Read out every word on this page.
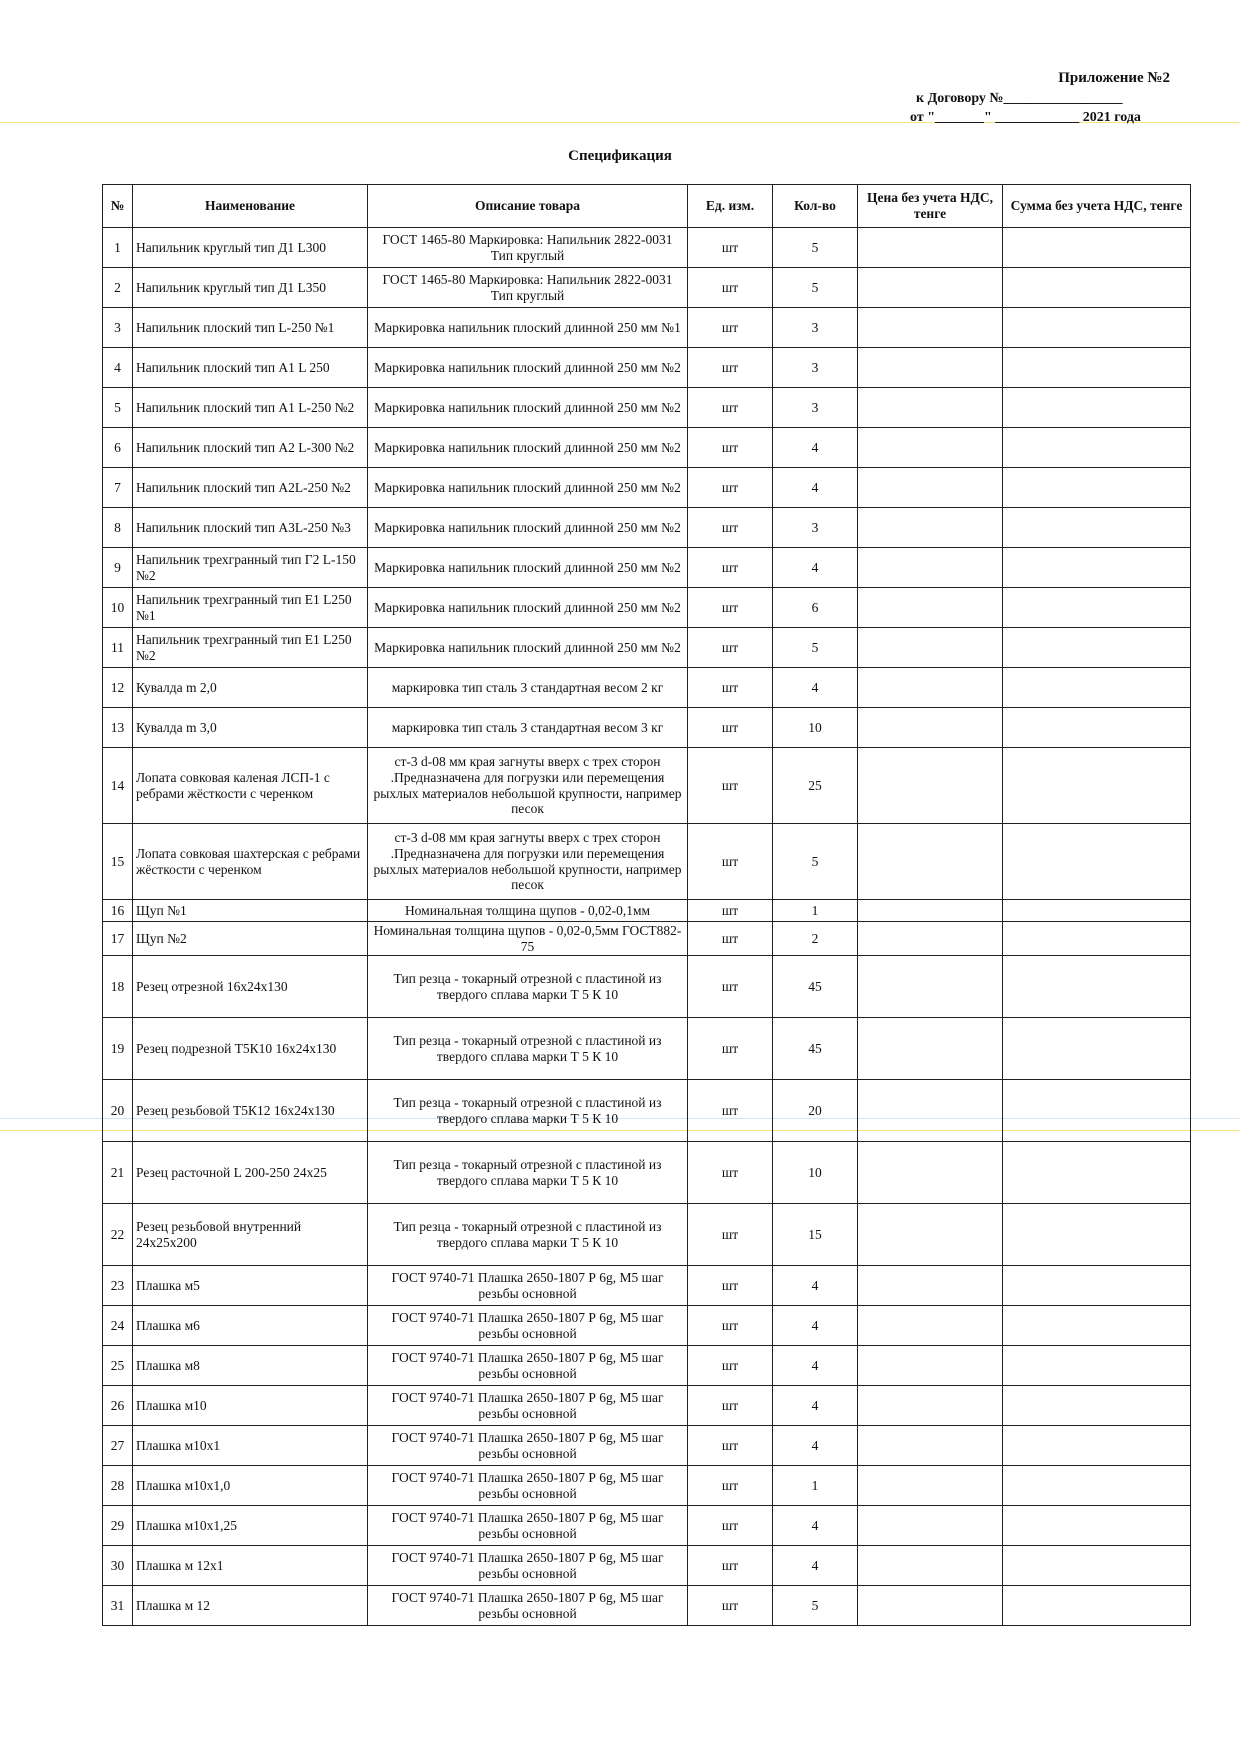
Приложение №2
к Договору №_________________
от "_______" ____________ 2021 года
Спецификация
№	Наименование	Описание товара	Ед. изм.	Кол-во	Цена без учета НДС, тенге	Сумма без учета НДС, тенге
1	Напильник круглый тип Д1 L300	ГОСТ 1465-80 Маркировка: Напильник 2822-0031 Тип круглый	шт	5		
2	Напильник круглый тип Д1 L350	ГОСТ 1465-80 Маркировка: Напильник 2822-0031 Тип круглый	шт	5		
3	Напильник плоский тип L-250 №1	Маркировка напильник плоский длинной 250 мм №1	шт	3		
4	Напильник плоский тип А1 L 250	Маркировка напильник плоский длинной 250 мм №2	шт	3		
5	Напильник плоский тип А1 L-250 №2	Маркировка напильник плоский длинной 250 мм №2	шт	3		
6	Напильник плоский тип А2 L-300 №2	Маркировка напильник плоский длинной 250 мм №2	шт	4		
7	Напильник плоский тип А2L-250 №2	Маркировка напильник плоский длинной 250 мм №2	шт	4		
8	Напильник плоский тип А3L-250 №3	Маркировка напильник плоский длинной 250 мм №2	шт	3		
9	Напильник трехгранный тип Г2 L-150 №2	Маркировка напильник плоский длинной 250 мм №2	шт	4		
10	Напильник трехгранный тип Е1 L250 №1	Маркировка напильник плоский длинной 250 мм №2	шт	6		
11	Напильник трехгранный тип Е1 L250 №2	Маркировка напильник плоский длинной 250 мм №2	шт	5		
12	Кувалда m 2,0	маркировка тип сталь 3 стандартная весом 2 кг	шт	4		
13	Кувалда m 3,0	маркировка тип сталь 3 стандартная весом 3 кг	шт	10		
14	Лопата совковая каленая ЛСП-1 с ребрами жёсткости с черенком	ст-3 d-08 мм края загнуты вверх с трех сторон .Предназначена для погрузки или перемещения рыхлых материалов небольшой крупности, например песок	шт	25		
15	Лопата совковая шахтерская с ребрами жёсткости с черенком	ст-3 d-08 мм края загнуты вверх с трех сторон .Предназначена для погрузки или перемещения рыхлых материалов небольшой крупности, например песок	шт	5		
16	Щуп №1	Номинальная толщина щупов - 0,02-0,1мм	шт	1		
17	Щуп №2	Номинальная толщина щупов - 0,02-0,5мм ГОСТ882-75	шт	2		
18	Резец отрезной 16х24х130	Тип резца - токарный отрезной с пластиной из твердого сплава марки Т 5 К 10	шт	45		
19	Резец подрезной Т5К10 16х24х130	Тип резца - токарный отрезной с пластиной из твердого сплава марки Т 5 К 10	шт	45		
20	Резец резьбовой Т5К12 16х24х130	Тип резца - токарный отрезной с пластиной из твердого сплава марки Т 5 К 10	шт	20		
21	Резец расточной L 200-250 24х25	Тип резца - токарный отрезной с пластиной из твердого сплава марки Т 5 К 10	шт	10		
22	Резец резьбовой внутренний 24х25х200	Тип резца - токарный отрезной с пластиной из твердого сплава марки Т 5 К 10	шт	15		
23	Плашка м5	ГОСТ 9740-71 Плашка 2650-1807 Р 6g, М5 шаг резьбы основной	шт	4		
24	Плашка м6	ГОСТ 9740-71 Плашка 2650-1807 Р 6g, М5 шаг резьбы основной	шт	4		
25	Плашка м8	ГОСТ 9740-71 Плашка 2650-1807 Р 6g, М5 шаг резьбы основной	шт	4		
26	Плашка м10	ГОСТ 9740-71 Плашка 2650-1807 Р 6g, М5 шаг резьбы основной	шт	4		
27	Плашка м10х1	ГОСТ 9740-71 Плашка 2650-1807 Р 6g, М5 шаг резьбы основной	шт	4		
28	Плашка м10х1,0	ГОСТ 9740-71 Плашка 2650-1807 Р 6g, М5 шаг резьбы основной	шт	1		
29	Плашка м10х1,25	ГОСТ 9740-71 Плашка 2650-1807 Р 6g, М5 шаг резьбы основной	шт	4		
30	Плашка м 12х1	ГОСТ 9740-71 Плашка 2650-1807 Р 6g, М5 шаг резьбы основной	шт	4		
31	Плашка м 12	ГОСТ 9740-71 Плашка 2650-1807 Р 6g, М5 шаг резьбы основной	шт	5		
